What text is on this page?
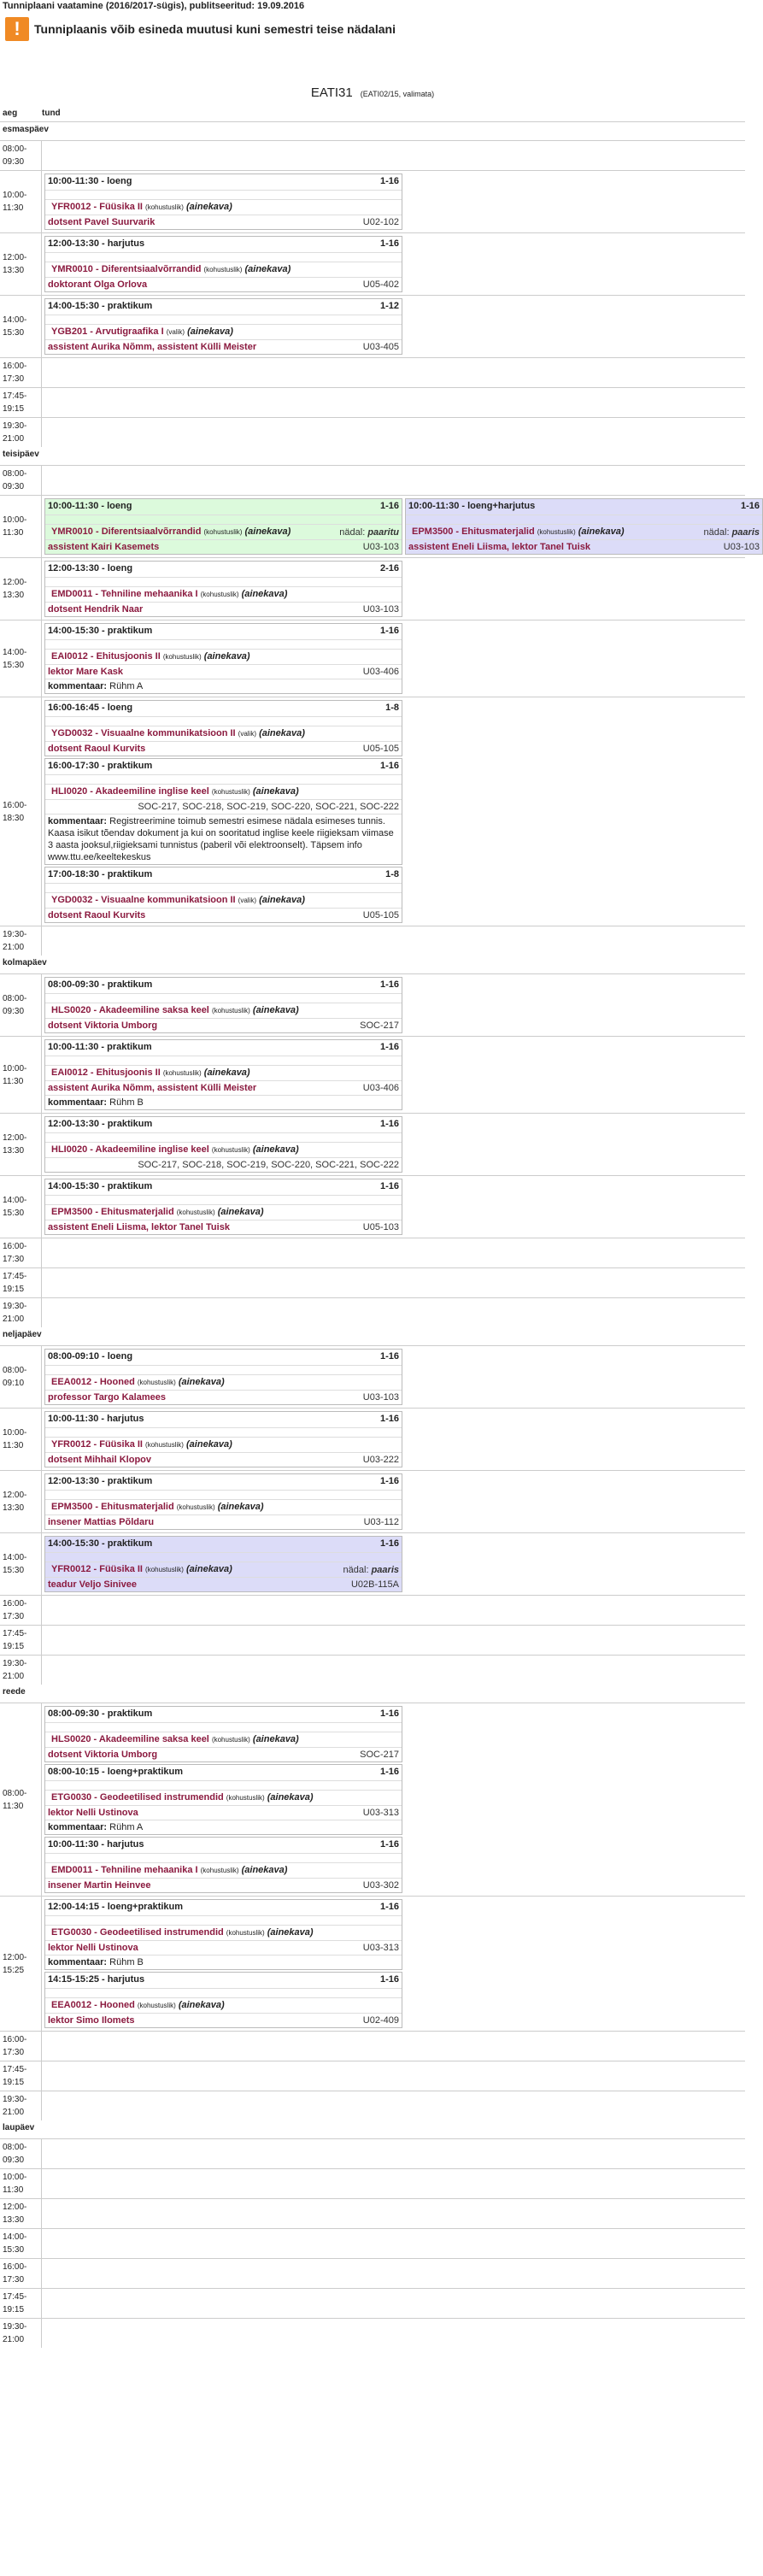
Tunniplaani vaatamine (2016/2017-sügis), publitseeritud: 19.09.2016
!	Tunniplaanis võib esineda muutusi kuni semestri teise nädalani
EATI31 (EATI02/15, valimata)
aeg	tund
esmaspäev
08:00-
09:30
10:00-
11:30
10:00-11:30 - loeng	1-16
YFR0012 - Füüsika II (kohustuslik) (ainekava)
dotsent Pavel Suurvarik	U02-102
12:00-
13:30
12:00-13:30 - harjutus	1-16
YMR0010 - Diferentsiaalvõrrandid (kohustuslik) (ainekava)
doktorant Olga Orlova	U05-402
14:00-
15:30
14:00-15:30 - praktikum	1-12
YGB201 - Arvutigraafika I (valik) (ainekava)
assistent Aurika Nõmm, assistent Külli Meister	U03-405
16:00-
17:30
17:45-
19:15
19:30-
21:00
teisipäev
08:00-
09:30
10:00-
11:30
10:00-11:30 - loeng	1-16
YMR0010 - Diferentsiaalvõrrandid (kohustuslik) (ainekava)	nädal: paaritu
assistent Kairi Kasemets	U03-103
10:00-11:30 - loeng+harjutus	1-16
EPM3500 - Ehitusmaterjalid (kohustuslik) (ainekava)	nädal: paaris
assistent Eneli Liisma, lektor Tanel Tuisk	U03-103
12:00-
13:30
12:00-13:30 - loeng	2-16
EMD0011 - Tehniline mehaanika I (kohustuslik) (ainekava)
dotsent Hendrik Naar	U03-103
14:00-
15:30
14:00-15:30 - praktikum	1-16
EAI0012 - Ehitusjoonis II (kohustuslik) (ainekava)
lektor Mare Kask	U03-406
kommentaar: Rühm A
16:00-
18:30
16:00-16:45 - loeng	1-8
YGD0032 - Visuaalne kommunikatsioon II (valik) (ainekava)
dotsent Raoul Kurvits	U05-105
16:00-17:30 - praktikum	1-16
HLI0020 - Akadeemiline inglise keel (kohustuslik) (ainekava)
SOC-217, SOC-218, SOC-219, SOC-220, SOC-221, SOC-222
kommentaar: Registreerimine toimub semestri esimese nädala esimeses tunnis. Kaasa isikut tõendav dokument ja kui on sooritatud inglise keele riigieksam viimase 3 aasta jooksul,riigieksami tunnistus (paberil või elektroonselt). Täpsem info www.ttu.ee/keeltekeskus
17:00-18:30 - praktikum	1-8
YGD0032 - Visuaalne kommunikatsioon II (valik) (ainekava)
dotsent Raoul Kurvits	U05-105
19:30-
21:00
kolmapäev
08:00-
09:30
08:00-09:30 - praktikum	1-16
HLS0020 - Akadeemiline saksa keel (kohustuslik) (ainekava)
dotsent Viktoria Umborg	SOC-217
10:00-
11:30
10:00-11:30 - praktikum	1-16
EAI0012 - Ehitusjoonis II (kohustuslik) (ainekava)
assistent Aurika Nõmm, assistent Külli Meister	U03-406
kommentaar: Rühm B
12:00-
13:30
12:00-13:30 - praktikum	1-16
HLI0020 - Akadeemiline inglise keel (kohustuslik) (ainekava)
SOC-217, SOC-218, SOC-219, SOC-220, SOC-221, SOC-222
14:00-
15:30
14:00-15:30 - praktikum	1-16
EPM3500 - Ehitusmaterjalid (kohustuslik) (ainekava)
assistent Eneli Liisma, lektor Tanel Tuisk	U05-103
16:00-
17:30
17:45-
19:15
19:30-
21:00
neljapäev
08:00-
09:10
08:00-09:10 - loeng	1-16
EEA0012 - Hooned (kohustuslik) (ainekava)
professor Targo Kalamees	U03-103
10:00-
11:30
10:00-11:30 - harjutus	1-16
YFR0012 - Füüsika II (kohustuslik) (ainekava)
dotsent Mihhail Klopov	U03-222
12:00-
13:30
12:00-13:30 - praktikum	1-16
EPM3500 - Ehitusmaterjalid (kohustuslik) (ainekava)
insener Mattias Põldaru	U03-112
14:00-
15:30
14:00-15:30 - praktikum	1-16
YFR0012 - Füüsika II (kohustuslik) (ainekava)	nädal: paaris
teadur Veljo Sinivee	U02B-115A
16:00-
17:30
17:45-
19:15
19:30-
21:00
reede
08:00-
11:30
08:00-09:30 - praktikum	1-16
HLS0020 - Akadeemiline saksa keel (kohustuslik) (ainekava)
dotsent Viktoria Umborg	SOC-217
08:00-10:15 - loeng+praktikum	1-16
ETG0030 - Geodeetilised instrumendid (kohustuslik) (ainekava)
lektor Nelli Ustinova	U03-313
kommentaar: Rühm A
10:00-11:30 - harjutus	1-16
EMD0011 - Tehniline mehaanika I (kohustuslik) (ainekava)
insener Martin Heinvee	U03-302
12:00-
15:25
12:00-14:15 - loeng+praktikum	1-16
ETG0030 - Geodeetilised instrumendid (kohustuslik) (ainekava)
lektor Nelli Ustinova	U03-313
kommentaar: Rühm B
14:15-15:25 - harjutus	1-16
EEA0012 - Hooned (kohustuslik) (ainekava)
lektor Simo Ilomets	U02-409
16:00-
17:30
17:45-
19:15
19:30-
21:00
laupäev
08:00-
09:30
10:00-
11:30
12:00-
13:30
14:00-
15:30
16:00-
17:30
17:45-
19:15
19:30-
21:00
